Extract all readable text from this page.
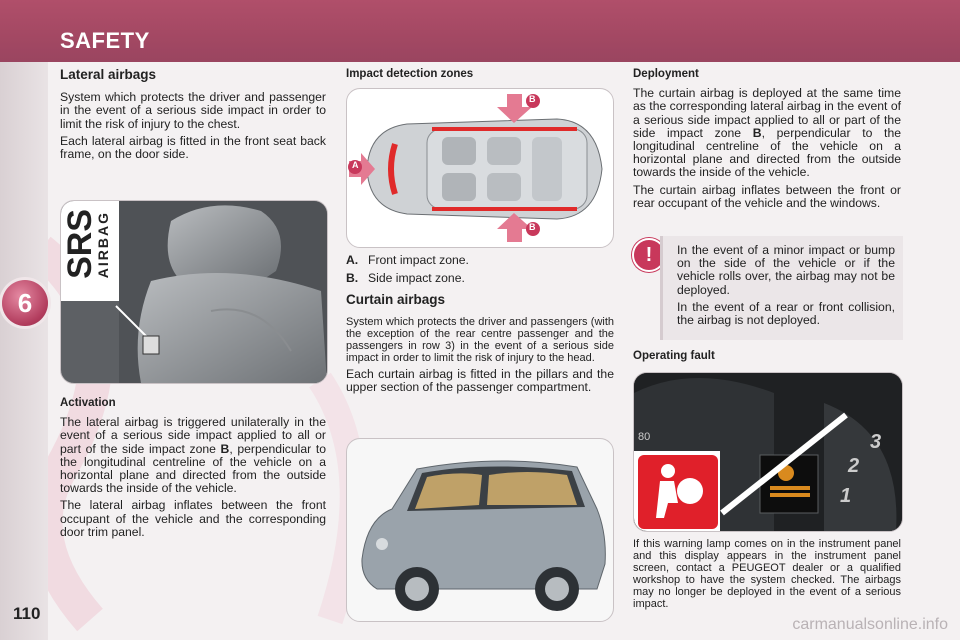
SAFETY
6
110
Lateral airbags

System which protects the driver and passenger in the event of a serious side impact in order to limit the risk of injury to the chest.

Each lateral airbag is fitted in the front seat back frame, on the door side.

SRS
AIRBAG
Activation

The lateral airbag is triggered unilaterally in the event of a serious side impact applied to all or part of the side impact zone B, perpendicular to the longitudinal centreline of the vehicle on a horizontal plane and directed from the outside towards the inside of the vehicle.

The lateral airbag inflates between the front occupant of the vehicle and the corresponding door trim panel.

Impact detection zones
B
B
A
A. Front impact zone.
B. Side impact zone.
Curtain airbags

System which protects the driver and passengers (with the exception of the rear centre passenger and the passengers in row 3) in the event of a serious side impact in order to limit the risk of injury to the head.

Each curtain airbag is fitted in the pillars and the upper section of the passenger compartment.

Deployment

The curtain airbag is deployed at the same time as the corresponding lateral airbag in the event of a serious side impact applied to all or part of the side impact zone B, perpendicular to the longitudinal centreline of the vehicle on a horizontal plane and directed from the outside towards the inside of the vehicle.

The curtain airbag inflates between the front or rear occupant of the vehicle and the windows.

!	In the event of a minor impact or bump on the side of the vehicle or if the vehicle rolls over, the airbag may not be deployed.

In the event of a rear or front collision, the airbag is not deployed.

Operating fault
80	3
2
1

If this warning lamp comes on in the instrument panel and this display appears in the instrument panel screen, contact a PEUGEOT dealer or a qualified workshop to have the system checked. The airbags may no longer be deployed in the event of a serious impact.

carmanualsonline.info
